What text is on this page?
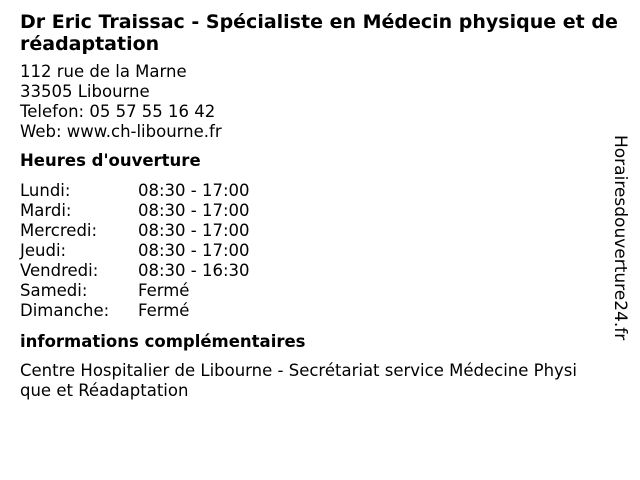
Dr Eric Traissac - Spécialiste en Médecin physique et de réadaptation
112 rue de la Marne
33505 Libourne
Telefon: 05 57 55 16 42
Web: www.ch-libourne.fr
Heures d'ouverture
Lundi:	08:30 - 17:00
Mardi:	08:30 - 17:00
Mercredi:	08:30 - 17:00
Jeudi:	08:30 - 17:00
Vendredi:	08:30 - 16:30
Samedi:	Fermé
Dimanche:	Fermé
informations complémentaires
Centre Hospitalier de Libourne - Secrétariat service Médecine Physique et Réadaptation
Horairesdouverture24.fr
